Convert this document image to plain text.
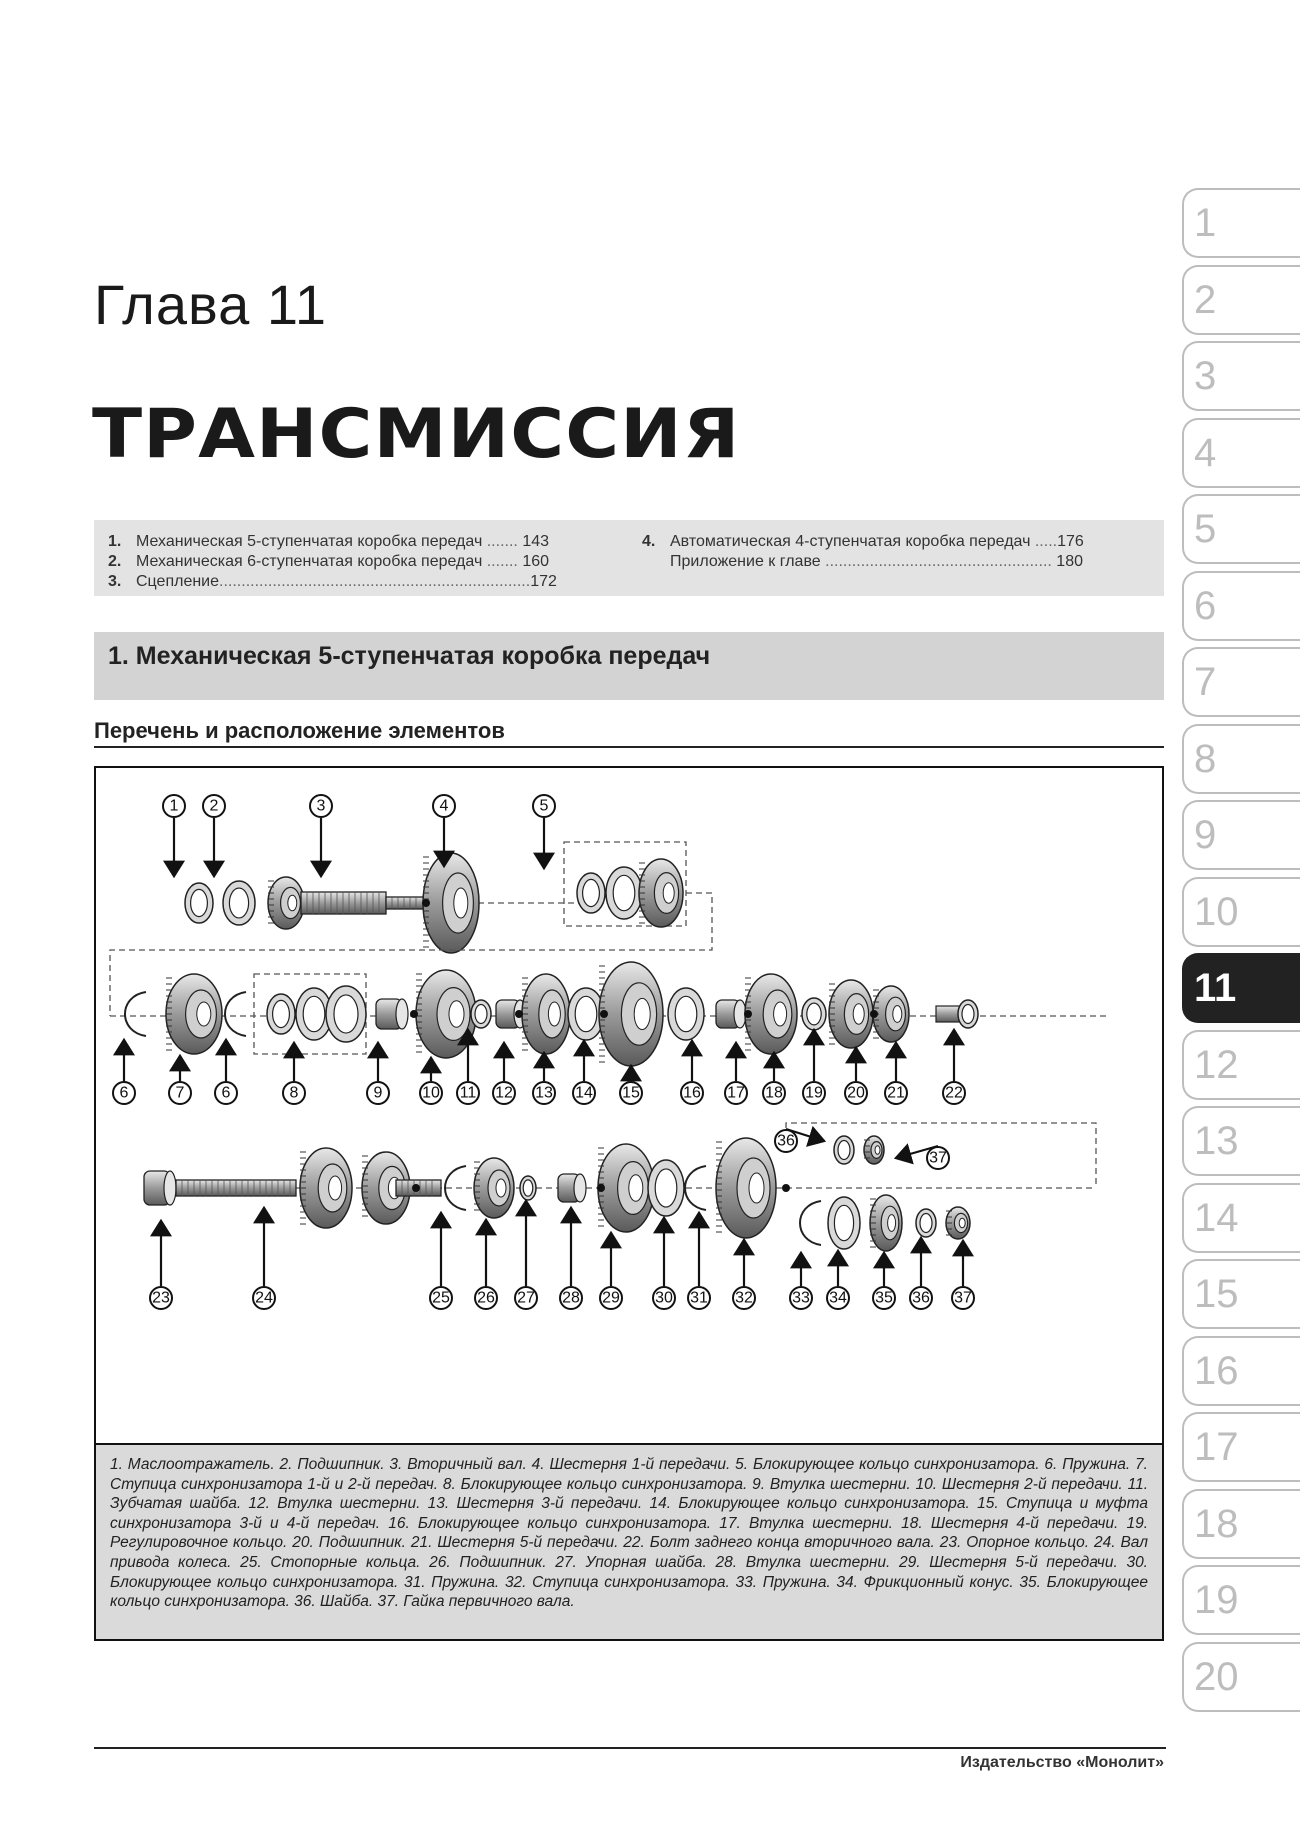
Глава 11
ТРАНСМИССИЯ
1. Механическая 5-ступенчатая коробка передач ....... 143
2. Механическая 6-ступенчатая коробка передач ....... 160
3. Сцепление......................................................................172
4. Автоматическая 4-ступенчатая коробка передач .....176
Приложение к главе ................................................... 180
1. Механическая 5-ступенчатая коробка передач
Перечень и расположение элементов
1 2	3	4	5
6	7 6	8	9 10 11 12 13 14 15	16 17 18 19 20 21	22
23	24	25 26 27 28 29 30 31 32 33 34 35 36 37
36
37
1. Маслоотражатель. 2. Подшипник. 3. Вторичный вал. 4. Шестерня 1-й передачи. 5. Блокирующее кольцо синхронизатора. 6. Пружина. 7. Ступица синхронизатора 1-й и 2-й передач. 8. Блокирующее кольцо синхронизатора. 9. Втулка шестерни. 10. Шестерня 2-й передачи. 11. Зубчатая шайба. 12. Втулка шестерни. 13. Шестерня 3-й передачи. 14. Блокирующее кольцо синхронизатора. 15. Ступица и муфта синхронизатора 3-й и 4-й передач. 16. Блокирующее кольцо синхронизатора. 17. Втулка шестерни. 18. Шестерня 4-й передачи. 19. Регулировочное кольцо. 20. Подшипник. 21. Шестерня 5-й передачи. 22. Болт заднего конца вторичного вала. 23. Опорное кольцо. 24. Вал привода колеса. 25. Стопорные кольца. 26. Подшипник. 27. Упорная шайба. 28. Втулка шестерни. 29. Шестерня 5-й передачи. 30. Блокирующее кольцо синхронизатора. 31. Пружина. 32. Ступица синхронизатора. 33. Пружина. 34. Фрикционный конус. 35. Блокирующее кольцо синхронизатора. 36. Шайба. 37. Гайка первичного вала.
Издательство «Монолит»
1
2
3
4
5
6
7
8
9
10
11
12
13
14
15
16
17
18
19
20
